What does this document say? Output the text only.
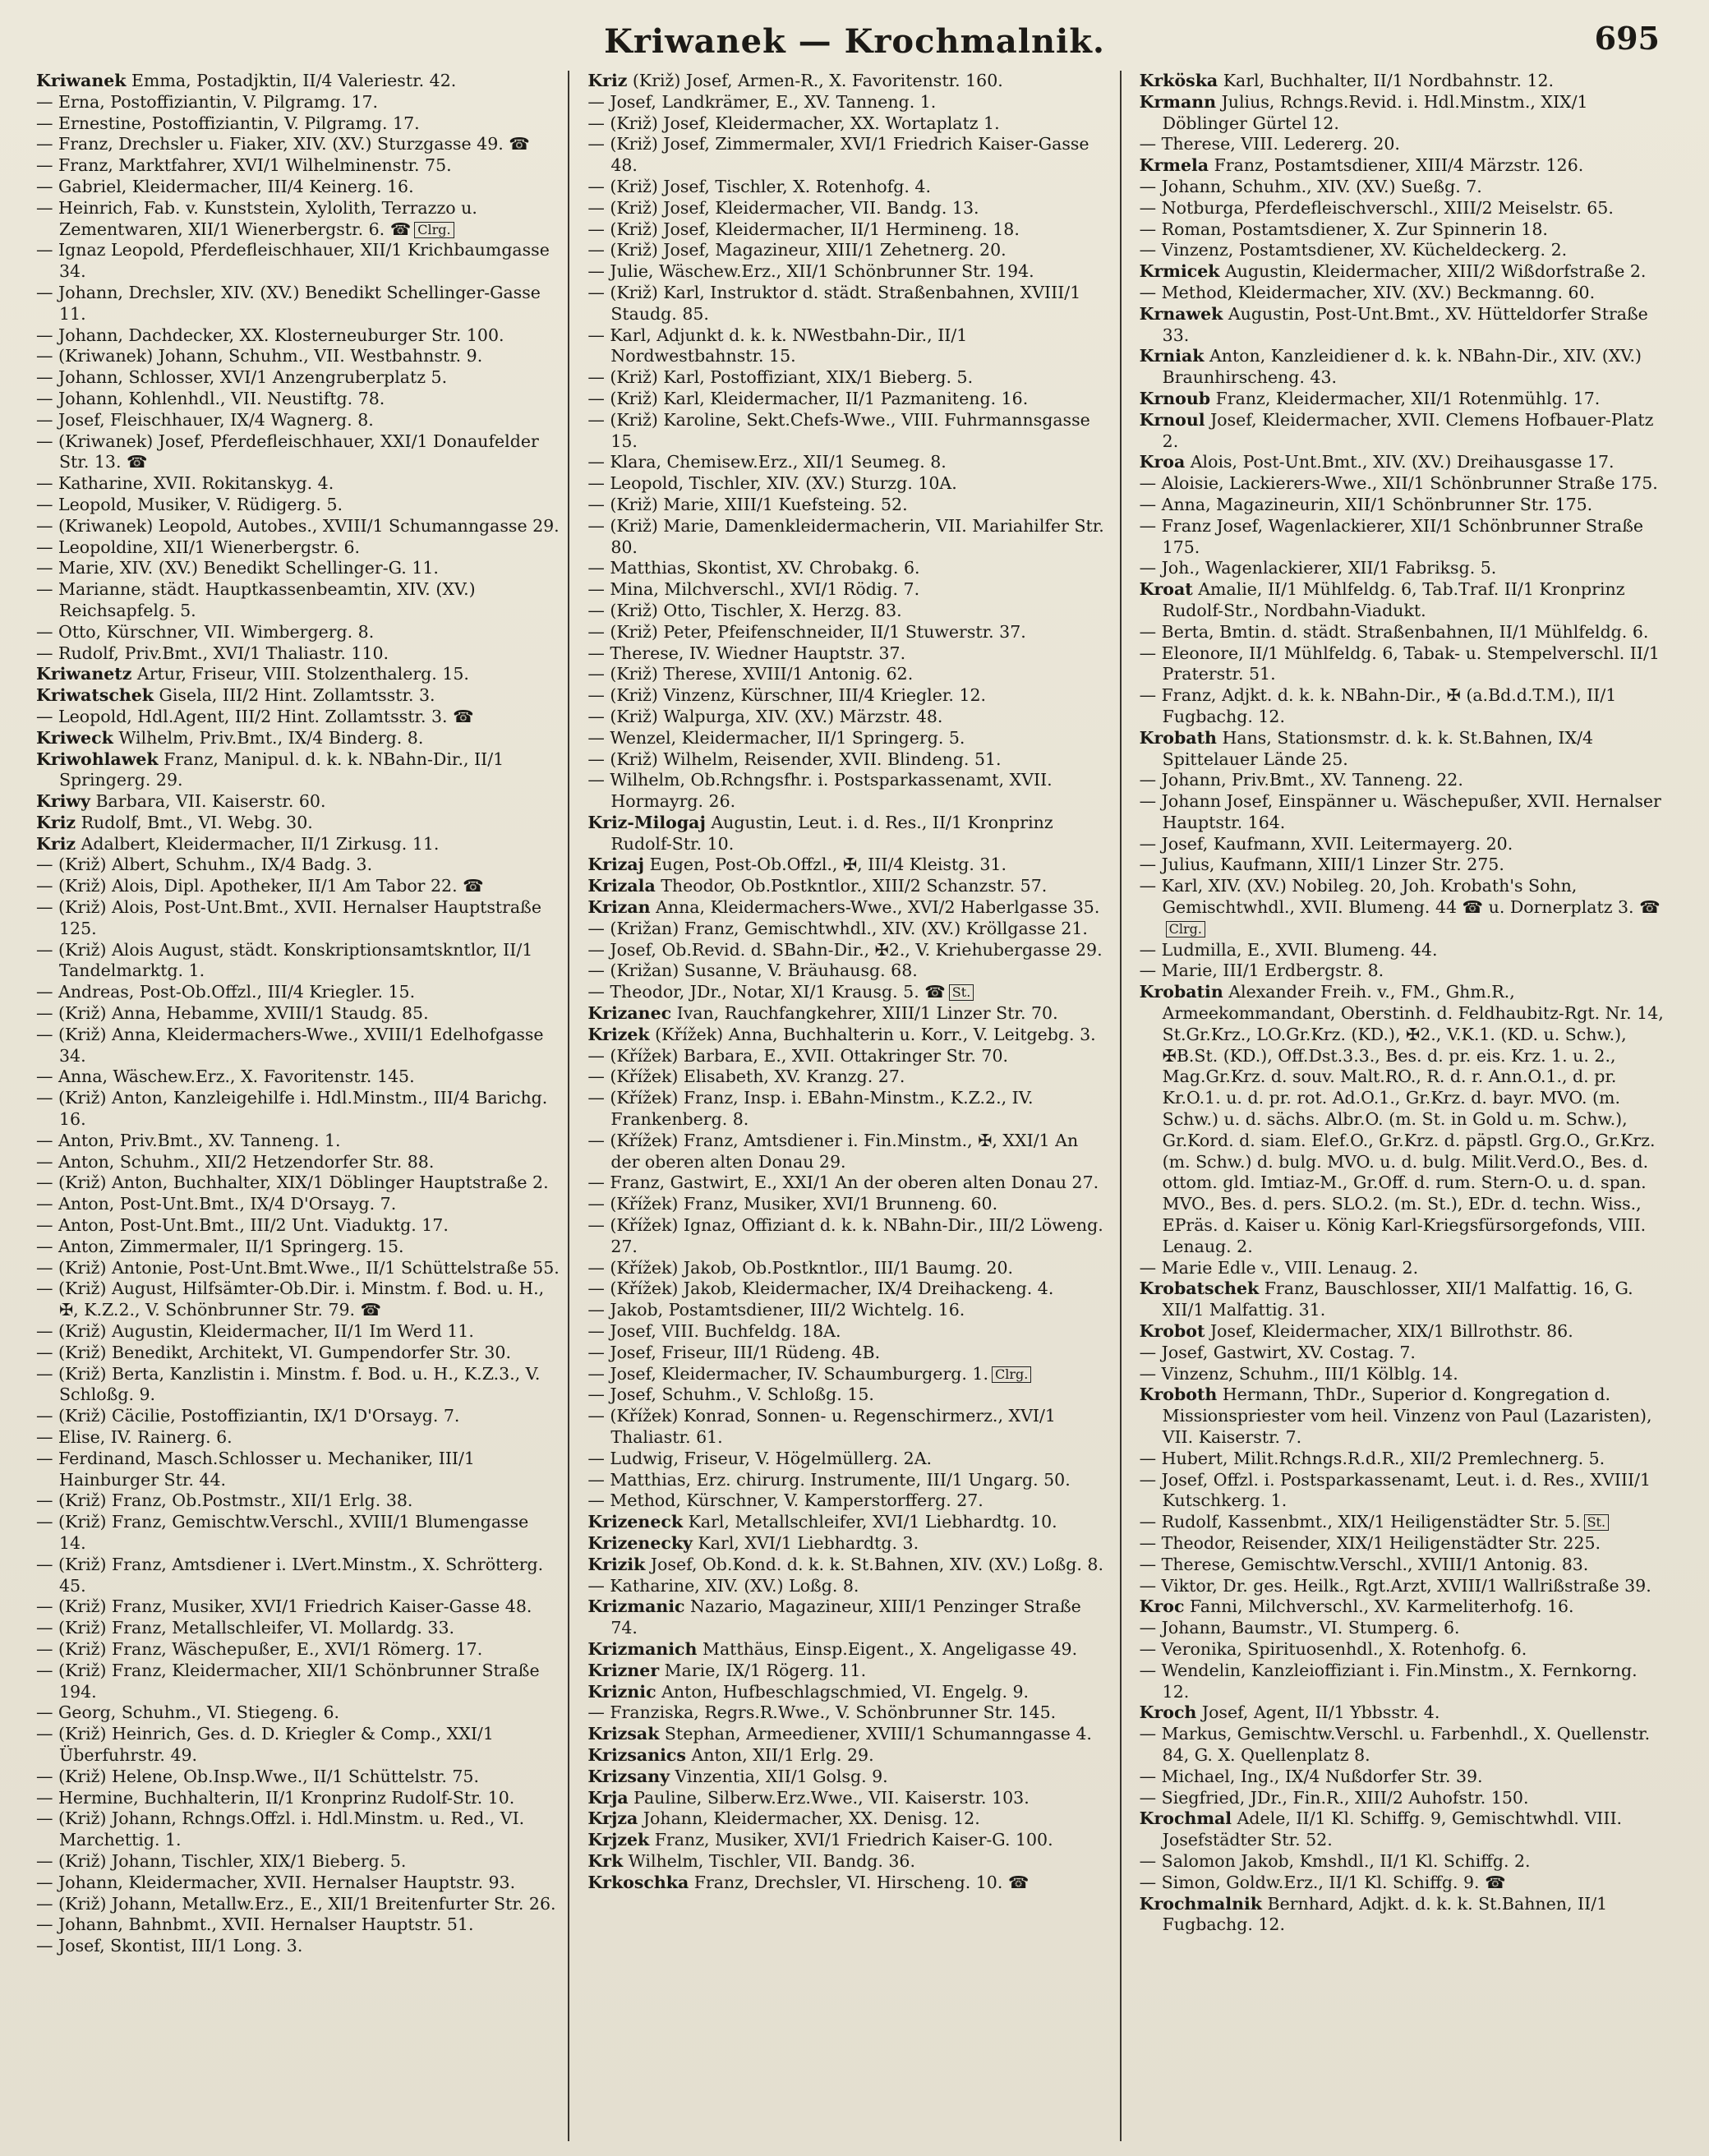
Kriwanek — Krochmalnik.	695
Kriwanek Emma, Postadjktin, II/4 Valeriestr. 42.
— Erna, Postoffiziantin, V. Pilgramg. 17.
— Ernestine, Postoffiziantin, V. Pilgramg. 17.
— Franz, Drechsler u. Fiaker, XIV. (XV.) Sturzgasse 49. ☎
— Franz, Marktfahrer, XVI/1 Wilhelminenstr. 75.
— Gabriel, Kleidermacher, III/4 Keinerg. 16.
— Heinrich, Fab. v. Kunststein, Xylolith, Terrazzo u. Zementwaren, XII/1 Wienerbergstr. 6. ☎ Clrg.
— Ignaz Leopold, Pferdefleischhauer, XII/1 Krichbaumgasse 34.
— Johann, Drechsler, XIV. (XV.) Benedikt Schellinger-Gasse 11.
— Johann, Dachdecker, XX. Klosterneuburger Str. 100.
— (Kriwanek) Johann, Schuhm., VII. Westbahnstr. 9.
— Johann, Schlosser, XVI/1 Anzengruberplatz 5.
— Johann, Kohlenhdl., VII. Neustiftg. 78.
— Josef, Fleischhauer, IX/4 Wagnerg. 8.
— (Kriwanek) Josef, Pferdefleischhauer, XXI/1 Donaufelder Str. 13. ☎
— Katharine, XVII. Rokitanskyg. 4.
— Leopold, Musiker, V. Rüdigerg. 5.
— (Kriwanek) Leopold, Autobes., XVIII/1 Schumanngasse 29.
— Leopoldine, XII/1 Wienerbergstr. 6.
— Marie, XIV. (XV.) Benedikt Schellinger-G. 11.
— Marianne, städt. Hauptkassenbeamtin, XIV. (XV.) Reichsapfelg. 5.
— Otto, Kürschner, VII. Wimbergerg. 8.
— Rudolf, Priv.Bmt., XVI/1 Thaliastr. 110.
Kriwanetz Artur, Friseur, VIII. Stolzenthalerg. 15.
Kriwatschek Gisela, III/2 Hint. Zollamtsstr. 3.
— Leopold, Hdl.Agent, III/2 Hint. Zollamtsstr. 3. ☎
Kriweck Wilhelm, Priv.Bmt., IX/4 Binderg. 8.
Kriwohlawek Franz, Manipul. d. k. k. NBahn-Dir., II/1 Springerg. 29.
Kriwy Barbara, VII. Kaiserstr. 60.
Kriz Rudolf, Bmt., VI. Webg. 30.
Kriz Adalbert, Kleidermacher, II/1 Zirkusg. 11.
— (Križ) Albert, Schuhm., IX/4 Badg. 3.
— (Križ) Alois, Dipl. Apotheker, II/1 Am Tabor 22. ☎
— (Križ) Alois, Post-Unt.Bmt., XVII. Hernalser Hauptstraße 125.
— (Križ) Alois August, städt. Konskriptionsamtskntlor, II/1 Tandelmarktg. 1.
— Andreas, Post-Ob.Offzl., III/4 Kriegler. 15.
— (Križ) Anna, Hebamme, XVIII/1 Staudg. 85.
— (Križ) Anna, Kleidermachers-Wwe., XVIII/1 Edelhofgasse 34.
— Anna, Wäschew.Erz., X. Favoritenstr. 145.
— (Križ) Anton, Kanzleigehilfe i. Hdl.Minstm., III/4 Barichg. 16.
— Anton, Priv.Bmt., XV. Tanneng. 1.
— Anton, Schuhm., XII/2 Hetzendorfer Str. 88.
— (Križ) Anton, Buchhalter, XIX/1 Döblinger Hauptstraße 2.
— Anton, Post-Unt.Bmt., IX/4 D'Orsayg. 7.
— Anton, Post-Unt.Bmt., III/2 Unt. Viaduktg. 17.
— Anton, Zimmermaler, II/1 Springerg. 15.
— (Križ) Antonie, Post-Unt.Bmt.Wwe., II/1 Schüttelstraße 55.
— (Križ) August, Hilfsämter-Ob.Dir. i. Minstm. f. Bod. u. H., ✠, K.Z.2., V. Schönbrunner Str. 79. ☎
— (Križ) Augustin, Kleidermacher, II/1 Im Werd 11.
— (Križ) Benedikt, Architekt, VI. Gumpendorfer Str. 30.
— (Križ) Berta, Kanzlistin i. Minstm. f. Bod. u. H., K.Z.3., V. Schloßg. 9.
— (Križ) Cäcilie, Postoffiziantin, IX/1 D'Orsayg. 7.
— Elise, IV. Rainerg. 6.
— Ferdinand, Masch.Schlosser u. Mechaniker, III/1 Hainburger Str. 44.
— (Križ) Franz, Ob.Postmstr., XII/1 Erlg. 38.
— (Križ) Franz, Gemischtw.Verschl., XVIII/1 Blumengasse 14.
— (Križ) Franz, Amtsdiener i. LVert.Minstm., X. Schrötterg. 45.
— (Križ) Franz, Musiker, XVI/1 Friedrich Kaiser-Gasse 48.
— (Križ) Franz, Metallschleifer, VI. Mollardg. 33.
— (Križ) Franz, Wäschepußer, E., XVI/1 Römerg. 17.
— (Križ) Franz, Kleidermacher, XII/1 Schönbrunner Straße 194.
— Georg, Schuhm., VI. Stiegeng. 6.
— (Križ) Heinrich, Ges. d. D. Kriegler & Comp., XXI/1 Überfuhrstr. 49.
— (Križ) Helene, Ob.Insp.Wwe., II/1 Schüttelstr. 75.
— Hermine, Buchhalterin, II/1 Kronprinz Rudolf-Str. 10.
— (Križ) Johann, Rchngs.Offzl. i. Hdl.Minstm. u. Red., VI. Marchettig. 1.
— (Križ) Johann, Tischler, XIX/1 Bieberg. 5.
— Johann, Kleidermacher, XVII. Hernalser Hauptstr. 93.
— (Križ) Johann, Metallw.Erz., E., XII/1 Breitenfurter Str. 26.
— Johann, Bahnbmt., XVII. Hernalser Hauptstr. 51.
— Josef, Skontist, III/1 Long. 3.
Kriz (Križ) Josef, Armen-R., X. Favoritenstr. 160.
— Josef, Landkrämer, E., XV. Tanneng. 1.
— (Križ) Josef, Kleidermacher, XX. Wortaplatz 1.
— (Križ) Josef, Zimmermaler, XVI/1 Friedrich Kaiser-Gasse 48.
— (Križ) Josef, Tischler, X. Rotenhofg. 4.
— (Križ) Josef, Kleidermacher, VII. Bandg. 13.
— (Križ) Josef, Kleidermacher, II/1 Hermineng. 18.
— (Križ) Josef, Magazineur, XIII/1 Zehetnerg. 20.
— Julie, Wäschew.Erz., XII/1 Schönbrunner Str. 194.
— (Križ) Karl, Instruktor d. städt. Straßenbahnen, XVIII/1 Staudg. 85.
— Karl, Adjunkt d. k. k. NWestbahn-Dir., II/1 Nordwestbahnstr. 15.
— (Križ) Karl, Postoffiziant, XIX/1 Bieberg. 5.
— (Križ) Karl, Kleidermacher, II/1 Pazmaniteng. 16.
— (Križ) Karoline, Sekt.Chefs-Wwe., VIII. Fuhrmannsgasse 15.
— Klara, Chemisew.Erz., XII/1 Seumeg. 8.
— Leopold, Tischler, XIV. (XV.) Sturzg. 10A.
— (Križ) Marie, XIII/1 Kuefsteing. 52.
— (Križ) Marie, Damenkleidermacherin, VII. Mariahilfer Str. 80.
— Matthias, Skontist, XV. Chrobakg. 6.
— Mina, Milchverschl., XVI/1 Rödig. 7.
— (Križ) Otto, Tischler, X. Herzg. 83.
— (Križ) Peter, Pfeifenschneider, II/1 Stuwerstr. 37.
— Therese, IV. Wiedner Hauptstr. 37.
— (Križ) Therese, XVIII/1 Antonig. 62.
— (Križ) Vinzenz, Kürschner, III/4 Kriegler. 12.
— (Križ) Walpurga, XIV. (XV.) Märzstr. 48.
— Wenzel, Kleidermacher, II/1 Springerg. 5.
— (Križ) Wilhelm, Reisender, XVII. Blindeng. 51.
— Wilhelm, Ob.Rchngsfhr. i. Postsparkassenamt, XVII. Hormayrg. 26.
Kriz-Milogaj Augustin, Leut. i. d. Res., II/1 Kronprinz Rudolf-Str. 10.
Krizaj Eugen, Post-Ob.Offzl., ✠, III/4 Kleistg. 31.
Krizala Theodor, Ob.Postkntlor., XIII/2 Schanzstr. 57.
Krizan Anna, Kleidermachers-Wwe., XVI/2 Haberlgasse 35.
— (Križan) Franz, Gemischtwhdl., XIV. (XV.) Kröllgasse 21.
— Josef, Ob.Revid. d. SBahn-Dir., ✠2., V. Kriehubergasse 29.
— (Križan) Susanne, V. Bräuhausg. 68.
— Theodor, JDr., Notar, XI/1 Krausg. 5. ☎ St.
Krizanec Ivan, Rauchfangkehrer, XIII/1 Linzer Str. 70.
Krizek (Křížek) Anna, Buchhalterin u. Korr., V. Leitgebg. 3.
— (Křížek) Barbara, E., XVII. Ottakringer Str. 70.
— (Křížek) Elisabeth, XV. Kranzg. 27.
— (Křížek) Franz, Insp. i. EBahn-Minstm., K.Z.2., IV. Frankenberg. 8.
— (Křížek) Franz, Amtsdiener i. Fin.Minstm., ✠, XXI/1 An der oberen alten Donau 29.
— Franz, Gastwirt, E., XXI/1 An der oberen alten Donau 27.
— (Křížek) Franz, Musiker, XVI/1 Brunneng. 60.
— (Křížek) Ignaz, Offiziant d. k. k. NBahn-Dir., III/2 Löweng. 27.
— (Křížek) Jakob, Ob.Postkntlor., III/1 Baumg. 20.
— (Křížek) Jakob, Kleidermacher, IX/4 Dreihackeng. 4.
— Jakob, Postamtsdiener, III/2 Wichtelg. 16.
— Josef, VIII. Buchfeldg. 18A.
— Josef, Friseur, III/1 Rüdeng. 4B.
— Josef, Kleidermacher, IV. Schaumburgerg. 1. Clrg.
— Josef, Schuhm., V. Schloßg. 15.
— (Křížek) Konrad, Sonnen- u. Regenschirmerz., XVI/1 Thaliastr. 61.
— Ludwig, Friseur, V. Högelmüllerg. 2A.
— Matthias, Erz. chirurg. Instrumente, III/1 Ungarg. 50.
— Method, Kürschner, V. Kamperstorfferg. 27.
Krizeneck Karl, Metallschleifer, XVI/1 Liebhardtg. 10.
Krizenecky Karl, XVI/1 Liebhardtg. 3.
Krizik Josef, Ob.Kond. d. k. k. St.Bahnen, XIV. (XV.) Loßg. 8.
— Katharine, XIV. (XV.) Loßg. 8.
Krizmanic Nazario, Magazineur, XIII/1 Penzinger Straße 74.
Krizmanich Matthäus, Einsp.Eigent., X. Angeligasse 49.
Krizner Marie, IX/1 Rögerg. 11.
Kriznic Anton, Hufbeschlagschmied, VI. Engelg. 9.
— Franziska, Regrs.R.Wwe., V. Schönbrunner Str. 145.
Krizsak Stephan, Armeediener, XVIII/1 Schumanngasse 4.
Krizsanics Anton, XII/1 Erlg. 29.
Krizsany Vinzentia, XII/1 Golsg. 9.
Krja Pauline, Silberw.Erz.Wwe., VII. Kaiserstr. 103.
Krjza Johann, Kleidermacher, XX. Denisg. 12.
Krjzek Franz, Musiker, XVI/1 Friedrich Kaiser-G. 100.
Krk Wilhelm, Tischler, VII. Bandg. 36.
Krkoschka Franz, Drechsler, VI. Hirscheng. 10. ☎
Krköska Karl, Buchhalter, II/1 Nordbahnstr. 12.
Krmann Julius, Rchngs.Revid. i. Hdl.Minstm., XIX/1 Döblinger Gürtel 12.
— Therese, VIII. Ledererg. 20.
Krmela Franz, Postamtsdiener, XIII/4 Märzstr. 126.
— Johann, Schuhm., XIV. (XV.) Sueßg. 7.
— Notburga, Pferdefleischverschl., XIII/2 Meiselstr. 65.
— Roman, Postamtsdiener, X. Zur Spinnerin 18.
— Vinzenz, Postamtsdiener, XV. Kücheldeckerg. 2.
Krmicek Augustin, Kleidermacher, XIII/2 Wißdorfstraße 2.
— Method, Kleidermacher, XIV. (XV.) Beckmanng. 60.
Krnawek Augustin, Post-Unt.Bmt., XV. Hütteldorfer Straße 33.
Krniak Anton, Kanzleidiener d. k. k. NBahn-Dir., XIV. (XV.) Braunhirscheng. 43.
Krnoub Franz, Kleidermacher, XII/1 Rotenmühlg. 17.
Krnoul Josef, Kleidermacher, XVII. Clemens Hofbauer-Platz 2.
Kroa Alois, Post-Unt.Bmt., XIV. (XV.) Dreihausgasse 17.
— Aloisie, Lackierers-Wwe., XII/1 Schönbrunner Straße 175.
— Anna, Magazineurin, XII/1 Schönbrunner Str. 175.
— Franz Josef, Wagenlackierer, XII/1 Schönbrunner Straße 175.
— Joh., Wagenlackierer, XII/1 Fabriksg. 5.
Kroat Amalie, II/1 Mühlfeldg. 6, Tab.Traf. II/1 Kronprinz Rudolf-Str., Nordbahn-Viadukt.
— Berta, Bmtin. d. städt. Straßenbahnen, II/1 Mühlfeldg. 6.
— Eleonore, II/1 Mühlfeldg. 6, Tabak- u. Stempelverschl. II/1 Praterstr. 51.
— Franz, Adjkt. d. k. k. NBahn-Dir., ✠ (a.Bd.d.T.M.), II/1 Fugbachg. 12.
Krobath Hans, Stationsmstr. d. k. k. St.Bahnen, IX/4 Spittelauer Lände 25.
— Johann, Priv.Bmt., XV. Tanneng. 22.
— Johann Josef, Einspänner u. Wäschepußer, XVII. Hernalser Hauptstr. 164.
— Josef, Kaufmann, XVII. Leitermayerg. 20.
— Julius, Kaufmann, XIII/1 Linzer Str. 275.
— Karl, XIV. (XV.) Nobileg. 20, Joh. Krobath's Sohn, Gemischtwhdl., XVII. Blumeng. 44 ☎ u. Dornerplatz 3. ☎Clrg.
— Ludmilla, E., XVII. Blumeng. 44.
— Marie, III/1 Erdbergstr. 8.
Krobatin Alexander Freih. v., FM., Ghm.R., Armeekommandant, Oberstinh. d. Feldhaubitz-Rgt. Nr. 14, St.Gr.Krz., LO.Gr.Krz. (KD.), ✠2., V.K.1. (KD. u. Schw.), ✠B.St. (KD.), Off.Dst.3.3., Bes. d. pr. eis. Krz. 1. u. 2., Mag.Gr.Krz. d. souv. Malt.RO., R. d. r. Ann.O.1., d. pr. Kr.O.1. u. d. pr. rot. Ad.O.1., Gr.Krz. d. bayr. MVO. (m. Schw.) u. d. sächs. Albr.O. (m. St. in Gold u. m. Schw.), Gr.Kord. d. siam. Elef.O., Gr.Krz. d. päpstl. Grg.O., Gr.Krz. (m. Schw.) d. bulg. MVO. u. d. bulg. Milit.Verd.O., Bes. d. ottom. gld. Imtiaz-M., Gr.Off. d. rum. Stern-O. u. d. span. MVO., Bes. d. pers. SLO.2. (m. St.), EDr. d. techn. Wiss., EPräs. d. Kaiser u. König Karl-Kriegsfürsorgefonds, VIII. Lenaug. 2.
— Marie Edle v., VIII. Lenaug. 2.
Krobatschek Franz, Bauschlosser, XII/1 Malfattig. 16, G. XII/1 Malfattig. 31.
Krobot Josef, Kleidermacher, XIX/1 Billrothstr. 86.
— Josef, Gastwirt, XV. Costag. 7.
— Vinzenz, Schuhm., III/1 Kölblg. 14.
Kroboth Hermann, ThDr., Superior d. Kongregation d. Missionspriester vom heil. Vinzenz von Paul (Lazaristen), VII. Kaiserstr. 7.
— Hubert, Milit.Rchngs.R.d.R., XII/2 Premlechnerg. 5.
— Josef, Offzl. i. Postsparkassenamt, Leut. i. d. Res., XVIII/1 Kutschkerg. 1.
— Rudolf, Kassenbmt., XIX/1 Heiligenstädter Str. 5. St.
— Theodor, Reisender, XIX/1 Heiligenstädter Str. 225.
— Therese, Gemischtw.Verschl., XVIII/1 Antonig. 83.
— Viktor, Dr. ges. Heilk., Rgt.Arzt, XVIII/1 Wallrißstraße 39.
Kroc Fanni, Milchverschl., XV. Karmeliterhofg. 16.
— Johann, Baumstr., VI. Stumperg. 6.
— Veronika, Spirituosenhdl., X. Rotenhofg. 6.
— Wendelin, Kanzleioffiziant i. Fin.Minstm., X. Fernkorng. 12.
Kroch Josef, Agent, II/1 Ybbsstr. 4.
— Markus, Gemischtw.Verschl. u. Farbenhdl., X. Quellenstr. 84, G. X. Quellenplatz 8.
— Michael, Ing., IX/4 Nußdorfer Str. 39.
— Siegfried, JDr., Fin.R., XIII/2 Auhofstr. 150.
Krochmal Adele, II/1 Kl. Schiffg. 9, Gemischtwhdl. VIII. Josefstädter Str. 52.
— Salomon Jakob, Kmshdl., II/1 Kl. Schiffg. 2.
— Simon, Goldw.Erz., II/1 Kl. Schiffg. 9. ☎
Krochmalnik Bernhard, Adjkt. d. k. k. St.Bahnen, II/1 Fugbachg. 12.
